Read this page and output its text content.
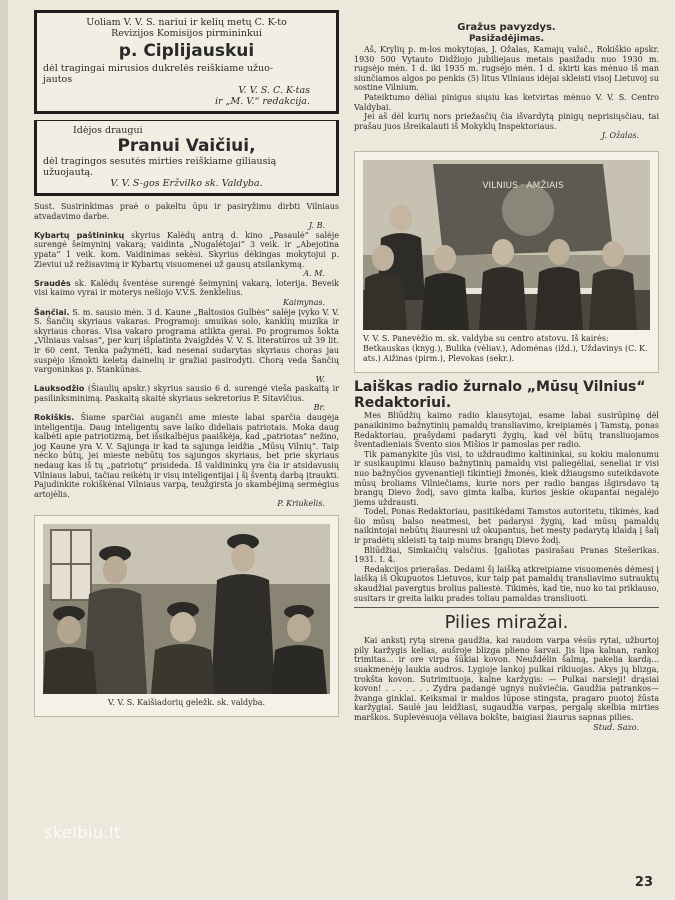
Uoliam V. V. S. nariui ir kelių metų C. K-to
Revizijos Komisijos pirmininkui
p. Ciplijauskui
dėl tragingai mirusios dukrelės reiškiame užuo-
jautos
V. V. S. C. K-tas
ir „M. V.“ redakcija.
Idėjos draugui
Pranui Vaičiui,
dėl tragingos sesutės mirties reiškiame giliausią
užuojautą.
V. V. S-gos Eržvilko sk. Valdyba.

Sust. Susirinkimas praė o pakeltu ūpu ir pasiryžimu dirbti Vilniaus atvadavimo darbe.

J. B.

Kybartų paštininkų skyrius Kalėdų antrą d. kino „Pasaulė“ salėje surengė šeimyninį vakarą; vaidinta „Nugalėtojai“ 3 veik. ir „Abejotina ypata“ 1 veik. kom. Vaidinimas sekėsi. Skyrius dėkingas mokytojui p. Zieviui už režisavimą ir Kybartų visuomenei už gausų atsilankymą.

A. M.

Sraudės sk. Kalėdų šventėse surengė šeimyninį vakarą, loterija. Beveik visi kaimo vyrai ir moterys nešiojo V.V.S. ženklelius.

Kaimynas.

Šančiai. S. m. sausio mėn. 3 d. Kaune „Baltosios Gulbės“ salėje įvyko V. V. S. Šančių skyriaus vakaras. Programoj: smuikas solo, kanklių muzika ir skyriaus choras. Visa vakaro programa atlikta gerai. Po programos šokta „Vilniaus valsas“, per kurį išplatinta žvaigždės V. V. S. literatūros už 39 lit. ir 60 cent. Tenka pažymėti, kad nesenai sudarytas skyriaus choras jau suspėjo išmokti keletą dainelių ir gražiai pasirodyti. Chorą veda Šančių vargoninkas p. Stankūnas.

W.

Lauksodžio (Šiaulių apskr.) skyrius sausio 6 d. surengė vieša paskaitą ir pasilinksminimą. Paskaitą skaitė skyriaus sekretorius P. Sitavičius.

Br.

Rokiškis. Šiame sparčiai auganči ame mieste labai sparčia daugėja inteligentija. Daug inteligentų save laiko dideliais patriotais. Moka daug kalbėti apie patriotizmą, bet išsikalbėjus paaiškėja, kad „patriotas“ nežino, jog Kaune yra V. V. Sąjunga ir kad ta sąjunga leidžia „Mūsų Vilnių“. Taip nėcko būtų, jei mieste nebūtų tos sąjungos skyriaus, bet prie skyriaus nedaug kas iš tų „patriotų“ prisideda. Iš valdininkų yra čia ir atsidavusių Vilniaus labui, tačiau reikėtų ir visų inteligentijai į šį šventą darbą įtraukti. Pajudinkite rokiškėnai Vilniaus varpą, teužgirsta jo skambėjimą sermėgius artojėlis.

P. Kriukelis.
V. V. S. Kaišiadorių geležk. sk. valdyba.
Gražus pavyzdys.
Pasižadėjimas.

Aš, Krylių p. m-los mokytojas, J. Ožalas, Kamajų valsč., Rokiškio apskr. 1930 500 Vytauto Didžiojo jubiliejaus metais pasižadu nuo 1930 m. rugsėjo mėn. 1 d. iki 1935 m. rugsėjo mėn. 1 d. skirti kas mėnuo iš man siunčiamos algos po penkis (5) litus Vilniaus idėjai skleisti visoj Lietuvoj su sostine Vilnium.

Pateiktumo dėliai pinigus siųsiu kas ketvirtas mėnuo V. V. S. Centro Valdybai.

Jei aš dėl kurių nors priežasčių čia išvardytą pinigų neprisiųsčiau, tai prašau juos išreikalauti iš Mokyklų Inspektoriaus.

J. Ožalas.
VILNIUS · AMŽIAIS
V. V. S. Panevėžio m. sk. valdyba su centro atstovu. Iš kairės: Betkauskas (knyg.), Bulika (vėliav.), Adomėnas (ižd.), Uždavinys (C. K. ats.) Aižinas (pirm.), Plevokas (sekr.).
Laiškas radio žurnalo „Mūsų Vilnius“ Redaktoriui.

Mes Bliūdžių kaimo radio klausytojai, esame labai susirūpinę dėl panaikinimo bažnytinių pamaldų transliavimo, kreipiamės į Tamstą, ponas Redaktoriau, prašydami padaryti žygių, kad vėl būtų transliuojamos šventadieniais Švento sios Mišios ir pamoslas per radio.

Tik pamanykite jūs visi, to uždraudimo kaltininkai, su kokiu malonumu ir susikaupimu klauso bažnytinių pamaldų visi paliegėliai, seneliai ir visi nuo bažnyčios gyvenantieji tikintieji žmonės, kiek džiaugsmo suteikdavote mūsų broliams Vilniečiams, kurie nors per radio bangas išgirsdavo tą brangų Dievo žodį, savo gimta kalba, kurios jėskie okupantai negalėjo jiems uždrausti.

Todel, Ponas Redaktoriau, pasitikėdami Tamstos autoritetu, tikimės, kad šio mūsų balso neatmesi, bet padarysi žygių, kad mūsų pamaldų naikintojai nebūtų žiauresni už okupantus, bet mesty padarytą klaidą į šalį ir pradėtų skleisti tą taip mums brangų Dievo žodį.

Bliūdžiai, Simkaičių valsčius. Įgaliotas pasirašau Pranas Stešerikas. 1931. I. 4.

Redakcijos prierašas. Dedami šį laišką atkreipiame visuomenės dėmesį į laišką iš Okupuotos Lietuvos, kur taip pat pamaldų transliavimo sutrauktų skaudžiai pavergtus brolius paliestė. Tikimės, kad tie, nuo ko tai priklauso, susitars ir greita laiku prades toliau pamaldas transliuoti.

Pilies miražai.

Kai ankstį rytą sirena gaudžia, kai raudom varpa vėsūs rytai, užburtoj pily karžygis kelias, aušroje blizga plieno šarvai. Jis lipa kalnan, rankoj trimitas... ir ore virpa šūkiai kovon. Neuždėlin šalmą, pakelia kardą... suakmenėję laukia audros. Lygioje lankoj pulkai rikiuojas. Akys jų blizga, trokšta kovon. Sutrimituoja, kalne karžygis: — Pulkai narsieji! drąsiai kovon! . . . . . . . Zydra padangė ugnys nušviečia. Gaudžia patrankos—žvanga ginklai. Keiksmai ir maldos lūpose stingsta, pragaro puotoj žūsta karžygiai. Saulė jau leidžiasi, sugaudžia varpas, pergalę skelbia mirties marškos. Suplevėsuoja vėliava bokšte, baigiasi žiaurus sapnas pilies.

Stud. Sazo.
23
skelbiu.lt
